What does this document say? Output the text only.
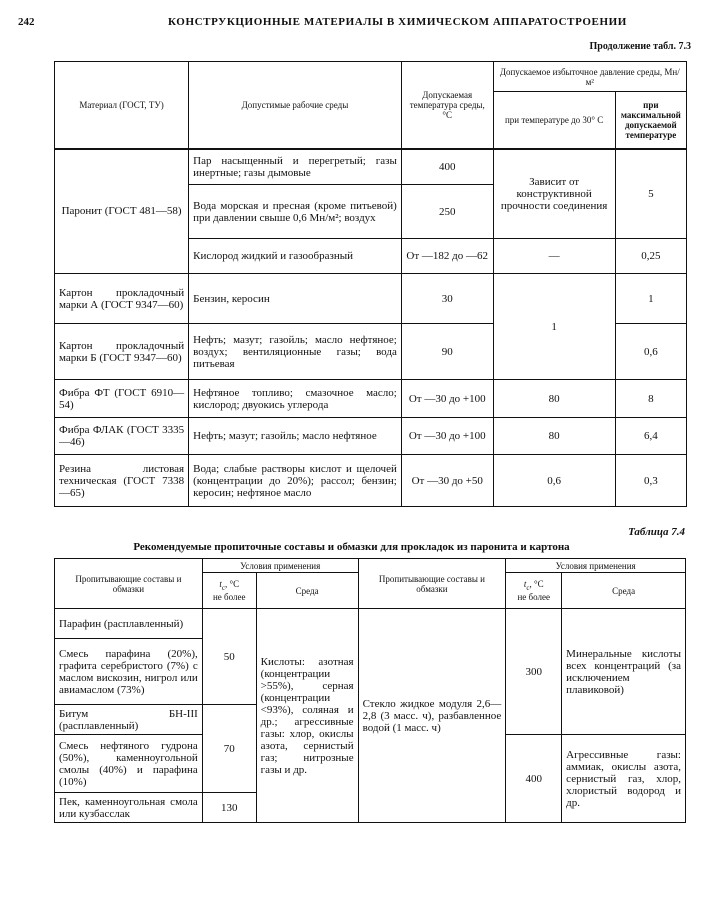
242	КОНСТРУКЦИОННЫЕ МАТЕРИАЛЫ В ХИМИЧЕСКОМ АППАРАТОСТРОЕНИИ
Продолжение табл. 7.3
Материал (ГОСТ, ТУ)	Допустимые рабочие среды	Допускаемая температура среды, °С	Допускаемое избыточное давление среды, Мн/м²	
			при температуре до 30° С	при максимальной допускаемой температуре
Паронит (ГОСТ 481—58)	Пар насыщенный и перегретый; газы инертные; газы дымовые	400	Зависит от конструктивной прочности соединения	5
	Вода морская и пресная (кроме питьевой) при давлении свыше 0,6 Мн/м²; воздух	250		
	Кислород жидкий и газообразный	От —182 до —62	—	0,25
Картон прокладочный марки А (ГОСТ 9347—60)	Бензин, керосин	30	1	1
Картон прокладочный марки Б (ГОСТ 9347—60)	Нефть; мазут; газойль; масло нефтяное; воздух; вентиляционные газы; вода питьевая	90		0,6
Фибра ФТ (ГОСТ 6910—54)	Нефтяное топливо; смазочное масло; кислород; двуокись углерода	От —30 до +100	80	8
Фибра ФЛАК (ГОСТ 3335—46)	Нефть; мазут; газойль; масло нефтяное	От —30 до +100	80	6,4
Резина листовая техническая (ГОСТ 7338—65)	Вода; слабые растворы кислот и щелочей (концентрации до 20%); рассол; бензин; керосин; нефтяное масло	От —30 до +50	0,6	0,3
Таблица 7.4
Рекомендуемые пропиточные составы и обмазки для прокладок из паронита и картона
Пропитывающие составы и обмазки	Условия применения		Пропитывающие составы и обмазки	Условия применения	
	$t_c$, °С
не более	Среда		$t_c$, °С
не более	Среда
Парафин (расплавленный)	50	Кислоты: азотная (концентрации >55%), серная (концентрации <93%), соляная и др.; агрессивные газы: хлор, окислы азота, сернистый газ; нитрозные газы и др.	Стекло жидкое модуля 2,6—2,8 (3 масс. ч), разбавленное водой (1 масс. ч)	300	Минеральные кислоты всех концентраций (за исключением плавиковой)
Смесь парафина (20%), графита серебристого (7%) с маслом вискозин, нигрол или авиамаслом (73%)					
Битум БН-III (расплавленный)	70				
Смесь нефтяного гудрона (50%), каменноугольной смолы (40%) и парафина (10%)				400	Агрессивные газы: аммиак, окислы азота, сернистый газ, хлор, хлористый водород и др.
Пек, каменноугольная смола или кузбасслак	130				
